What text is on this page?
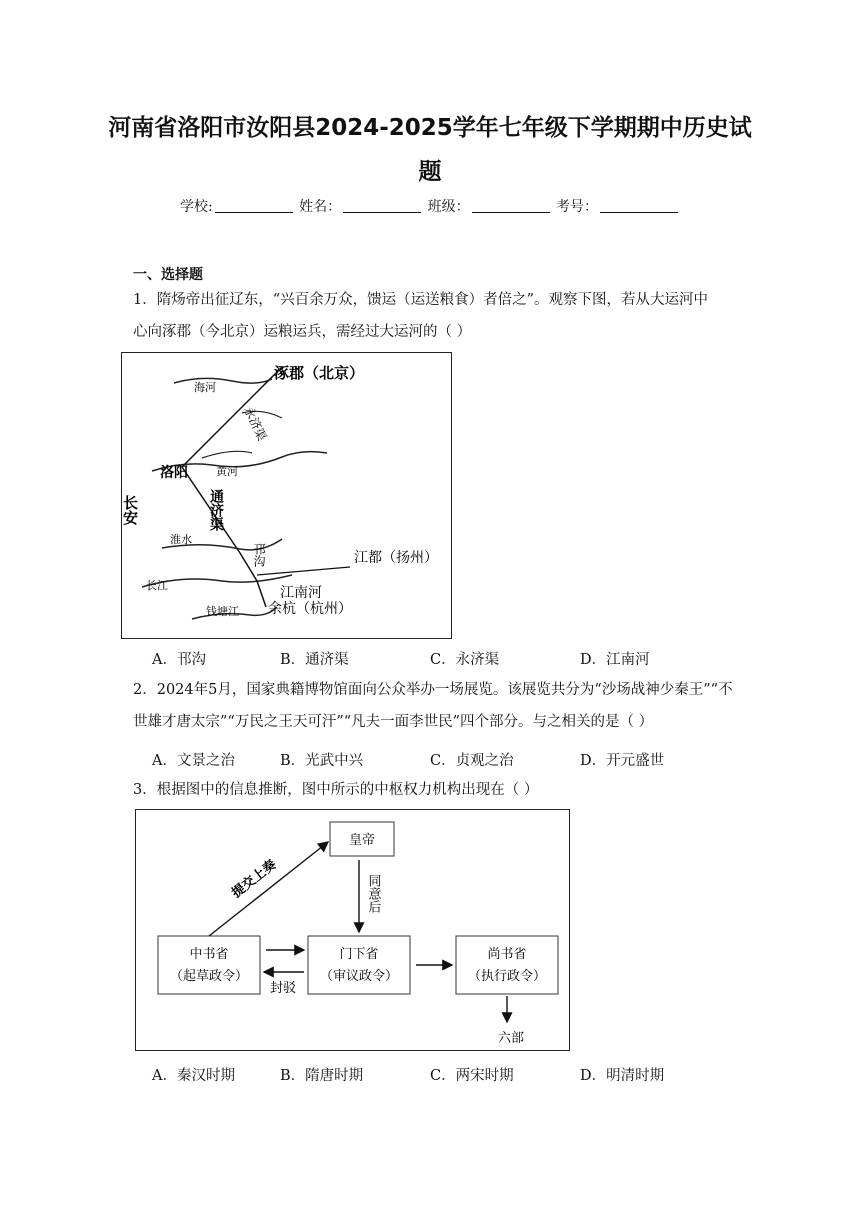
河南省洛阳市汝阳县2024-2025学年七年级下学期期中历史试
题
学校:	姓名：	班级：	考号：
一、选择题
1．隋炀帝出征辽东，“兴百余万众，馈运（运送粮食）者倍之”。观察下图，若从大运河中
心向涿郡（今北京）运粮运兵，需经过大运河的（ ）
涿郡（北京）
海河
永济渠
长安
洛阳	黄河
通济渠
淮水
邗沟	江都（扬州）
长江	江南河
钱塘江 余杭（杭州）
A．邗沟	B．通济渠	C．永济渠	D．江南河
2．2024年5月，国家典籍博物馆面向公众举办一场展览。该展览共分为“沙场战神少秦王”“不
世雄才唐太宗”“万民之王天可汗”“凡夫一面李世民”四个部分。与之相关的是（ ）
A．文景之治	B．光武中兴	C．贞观之治	D．开元盛世
3．根据图中的信息推断，图中所示的中枢权力机构出现在（ ）
皇帝
中书省
（起草政令）
门下省
（审议政令）
尚书省
（执行政令）
提交上奏	同意后
封驳
六部
A．秦汉时期	B．隋唐时期	C．两宋时期	D．明清时期
